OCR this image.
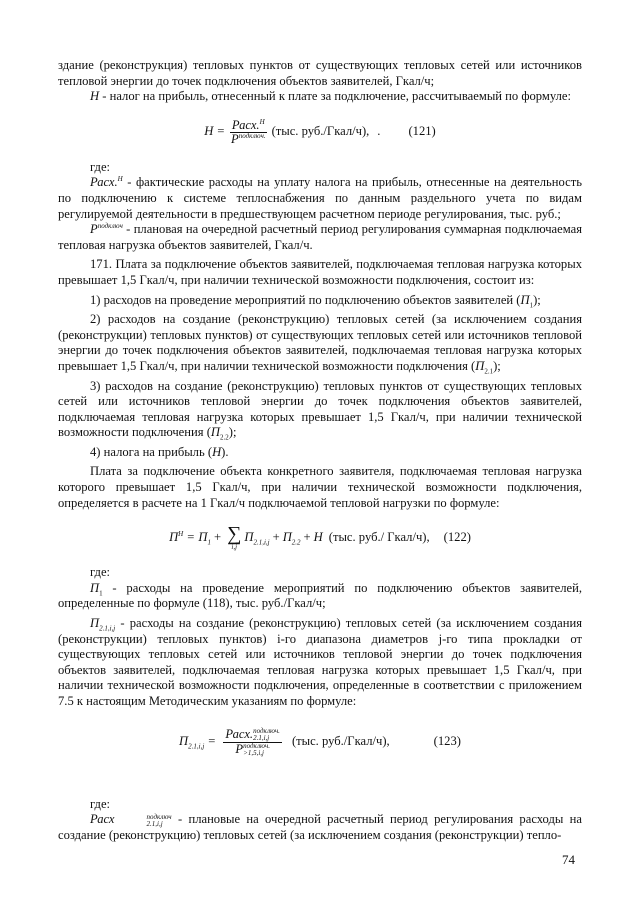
здание (реконструкция) тепловых пунктов от существующих тепловых сетей или источников тепловой энергии до точек подключения объектов заявителей, Гкал/ч;

Н - налог на прибыль, отнесенный к плате за подключение, рассчитываемый по формуле:

$Н = \frac{Расх.^Н}{P^{подключ.}} (тыс$. руб./Гкал/ч), . (121)

где:

Расх.$^Н$ - фактические расходы на уплату налога на прибыль, отнесенные на деятельность по подключению к системе теплоснабжения по данным раздельного учета по видам регулируемой деятельности в предшествующем расчетном периоде регулирования, тыс. руб.;

$P^{подключ}$ - плановая на очередной расчетный период регулирования суммарная подключаемая тепловая нагрузка объектов заявителей, Гкал/ч.

171. Плата за подключение объектов заявителей, подключаемая тепловая нагрузка которых превышает 1,5 Гкал/ч, при наличии технической возможности подключения, состоит из:

1) расходов на проведение мероприятий по подключению объектов заявителей $(П_1)$;

2) расходов на создание (реконструкцию) тепловых сетей (за исключением создания (реконструкции) тепловых пунктов) от существующих тепловых сетей или источников тепловой энергии до точек подключения объектов заявителей, подключаемая тепловая нагрузка которых превышает 1,5 Гкал/ч, при наличии технической возможности подключения $(П_{2.1})$;

3) расходов на создание (реконструкцию) тепловых пунктов от существующих тепловых сетей или источников тепловой энергии до точек подключения объектов заявителей, подключаемая тепловая нагрузка которых превышает 1,5 Гкал/ч, при наличии технической возможности подключения $(П_{2.2})$;

4) налога на прибыль (Н).

Плата за подключение объекта конкретного заявителя, подключаемая тепловая нагрузка которого превышает 1,5 Гкал/ч, при наличии технической возможности подключения, определяется в расчете на 1 Гкал/ч подключаемой тепловой нагрузки по формуле:

$П^Н = П_1$ + ∑
i,j
$П_{2.1,i,j} + П_{2.2} + Н$ (тыс. руб./ Гкал/ч), (122)

где:

$П_1$ - расходы на проведение мероприятий по подключению объектов заявителей, определенные по формуле (118), тыс. руб./Гкал/ч;

$П_{2.1,i,j}$ - расходы на создание (реконструкцию) тепловых сетей (за исключением создания (реконструкции) тепловых пунктов) i-го диапазона диаметров j-го типа прокладки от существующих тепловых сетей или источников тепловой энергии до точек подключения объектов заявителей, подключаемая тепловая нагрузка которых превышает 1,5 Гкал/ч, при наличии технической возможности подключения, определенные в соответствии с приложением 7.5 к настоящим Методическим указаниям по формуле:

$П_{2.1,i,j}$ = Расх. подключ.
2.1,i,j
P подключ.
>1,5,i,j (тыс. руб./Гкал/ч),	(123)

где:

Расх	подключ
2.1,i,j - плановые на очередной расчетный период регулирования расходы на создание (реконструкцию) тепловых сетей (за исключением создания (реконструкции) тепло-

74
